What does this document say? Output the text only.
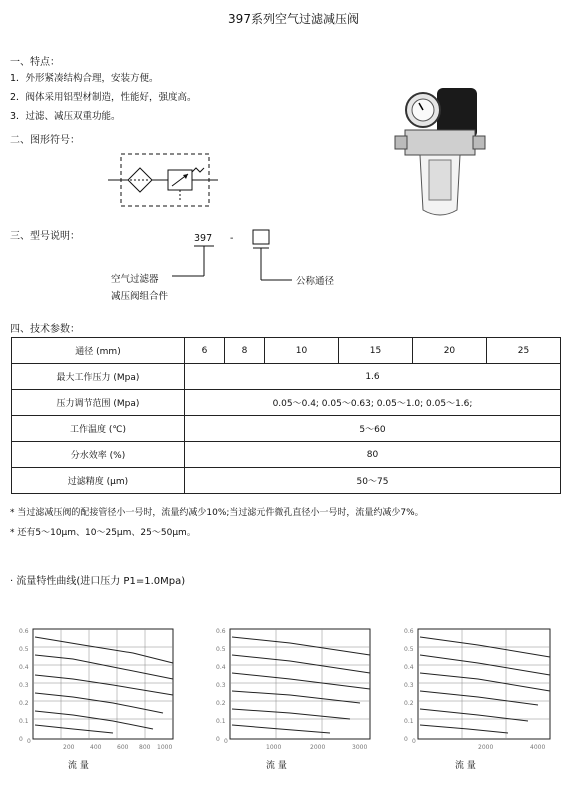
397系列空气过滤减压阀
一、特点：
1．外形紧凑结构合理，安装方便。
2．阀体采用铝型材制造，性能好，强度高。
3．过滤、减压双重功能。
二、图形符号：
三、型号说明：	397 -
空气过滤器
减压阀组合件
公称通径
四、技术参数：
通径 (mm)	6	8	10	15	20	25
最大工作压力 (Mpa)	1.6					
压力调节范围 (Mpa)	0.05～0.4; 0.05～0.63; 0.05～1.0; 0.05～1.6;					
工作温度 (℃)	5～60					
分水效率 (%)	80					
过滤精度 (μm)	50～75					
* 当过滤减压阀的配接管径小一号时，流量约减少10%;当过滤元件微孔直径小一号时，流量约减少7%。
* 还有5～10μm、10～25μm、25～50μm。
· 流量特性曲线(进口压力 P1=1.0Mpa)
0
200	400	600 800 1000
0
0.1
0.2
0.3
0.4
0.5
0.6
流 量
0
1000	2000	3000
0
0.1
0.2
0.3
0.4
0.5
0.6
流 量
0
2000	4000
0
0.1
0.2
0.3
0.4
0.5
0.6
流 量
